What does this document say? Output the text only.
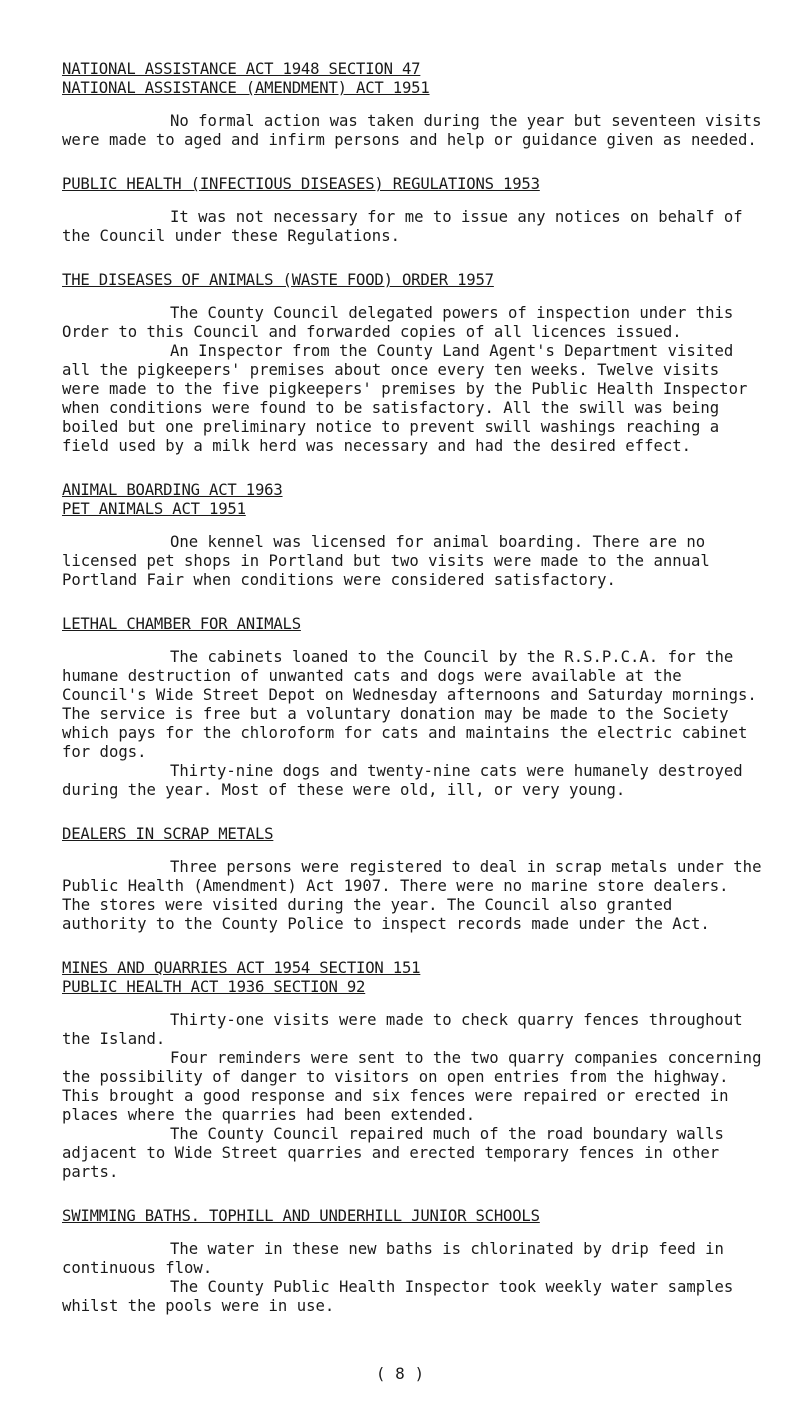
NATIONAL ASSISTANCE ACT 1948 SECTION 47

NATIONAL ASSISTANCE (AMENDMENT) ACT 1951

No formal action was taken during the year but seventeen visits were made to aged and infirm persons and help or guidance given as needed.

PUBLIC HEALTH (INFECTIOUS DISEASES) REGULATIONS 1953

It was not necessary for me to issue any notices on behalf of the Council under these Regulations.

THE DISEASES OF ANIMALS (WASTE FOOD) ORDER 1957

The County Council delegated powers of inspection under this Order to this Council and forwarded copies of all licences issued.

An Inspector from the County Land Agent's Department visited all the pigkeepers' premises about once every ten weeks. Twelve visits were made to the five pigkeepers' premises by the Public Health Inspector when conditions were found to be satisfactory. All the swill was being boiled but one preliminary notice to prevent swill washings reaching a field used by a milk herd was necessary and had the desired effect.

ANIMAL BOARDING ACT 1963

PET ANIMALS ACT 1951

One kennel was licensed for animal boarding. There are no licensed pet shops in Portland but two visits were made to the annual Portland Fair when conditions were considered satisfactory.

LETHAL CHAMBER FOR ANIMALS

The cabinets loaned to the Council by the R.S.P.C.A. for the humane destruction of unwanted cats and dogs were available at the Council's Wide Street Depot on Wednesday afternoons and Saturday mornings. The service is free but a voluntary donation may be made to the Society which pays for the chloroform for cats and maintains the electric cabinet for dogs.

Thirty-nine dogs and twenty-nine cats were humanely destroyed during the year. Most of these were old, ill, or very young.

DEALERS IN SCRAP METALS

Three persons were registered to deal in scrap metals under the Public Health (Amendment) Act 1907. There were no marine store dealers. The stores were visited during the year. The Council also granted authority to the County Police to inspect records made under the Act.

MINES AND QUARRIES ACT 1954 SECTION 151

PUBLIC HEALTH ACT 1936 SECTION 92

Thirty-one visits were made to check quarry fences throughout the Island.

Four reminders were sent to the two quarry companies concerning the possibility of danger to visitors on open entries from the highway. This brought a good response and six fences were repaired or erected in places where the quarries had been extended.

The County Council repaired much of the road boundary walls adjacent to Wide Street quarries and erected temporary fences in other parts.

SWIMMING BATHS. TOPHILL AND UNDERHILL JUNIOR SCHOOLS

The water in these new baths is chlorinated by drip feed in continuous flow.

The County Public Health Inspector took weekly water samples whilst the pools were in use.

( 8 )
